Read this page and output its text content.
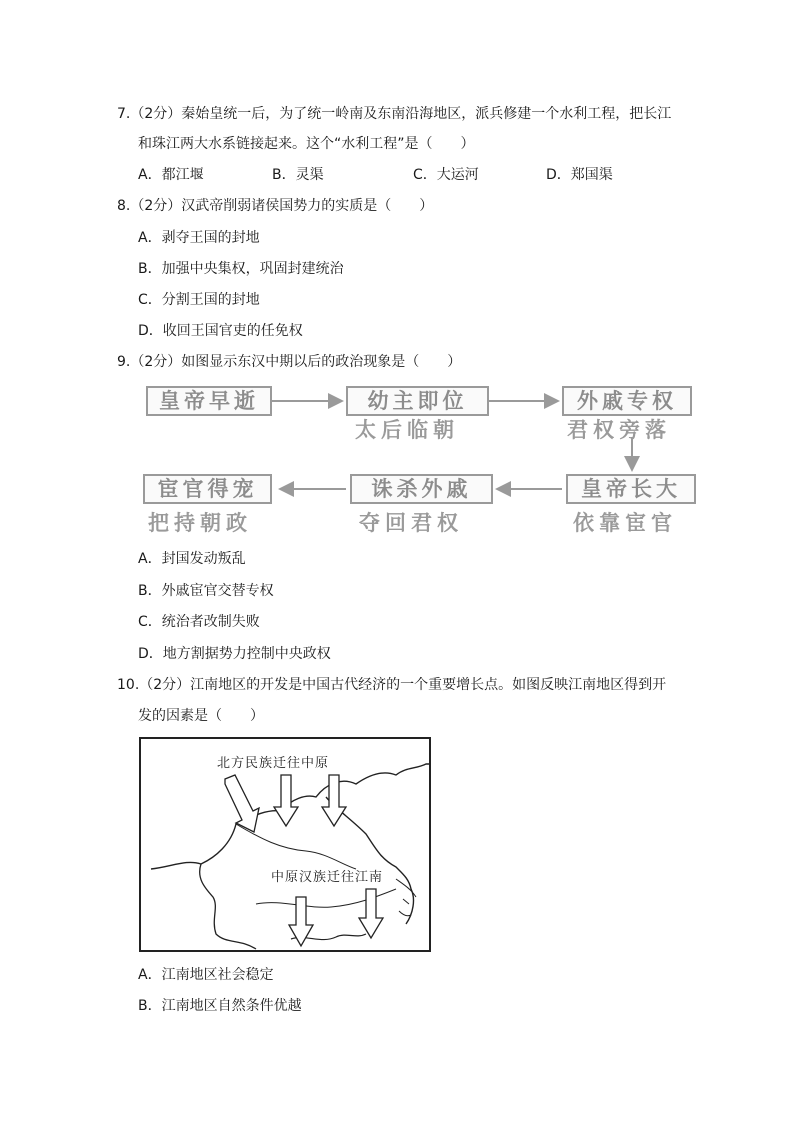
7.（2分）秦始皇统一后，为了统一岭南及东南沿海地区，派兵修建一个水利工程，把长江
和珠江两大水系链接起来。这个“水利工程”是（　　）
A．都江堰	B．灵渠	C．大运河	D．郑国渠
8.（2分）汉武帝削弱诸侯国势力的实质是（　　）
A．剥夺王国的封地
B．加强中央集权，巩固封建统治
C．分割王国的封地
D．收回王国官吏的任免权
9.（2分）如图显示东汉中期以后的政治现象是（　　）
皇帝早逝	幼主即位	外戚专权
皇帝长大
诛杀外戚
宦官得宠
太后临朝	君权旁落
依靠宦官
夺回君权
把持朝政
A．封国发动叛乱
B．外戚宦官交替专权
C．统治者改制失败
D．地方割据势力控制中央政权
10.（2分）江南地区的开发是中国古代经济的一个重要增长点。如图反映江南地区得到开
发的因素是（　　）
北方民族迁往中原
中原汉族迁往江南
A．江南地区社会稳定
B．江南地区自然条件优越
